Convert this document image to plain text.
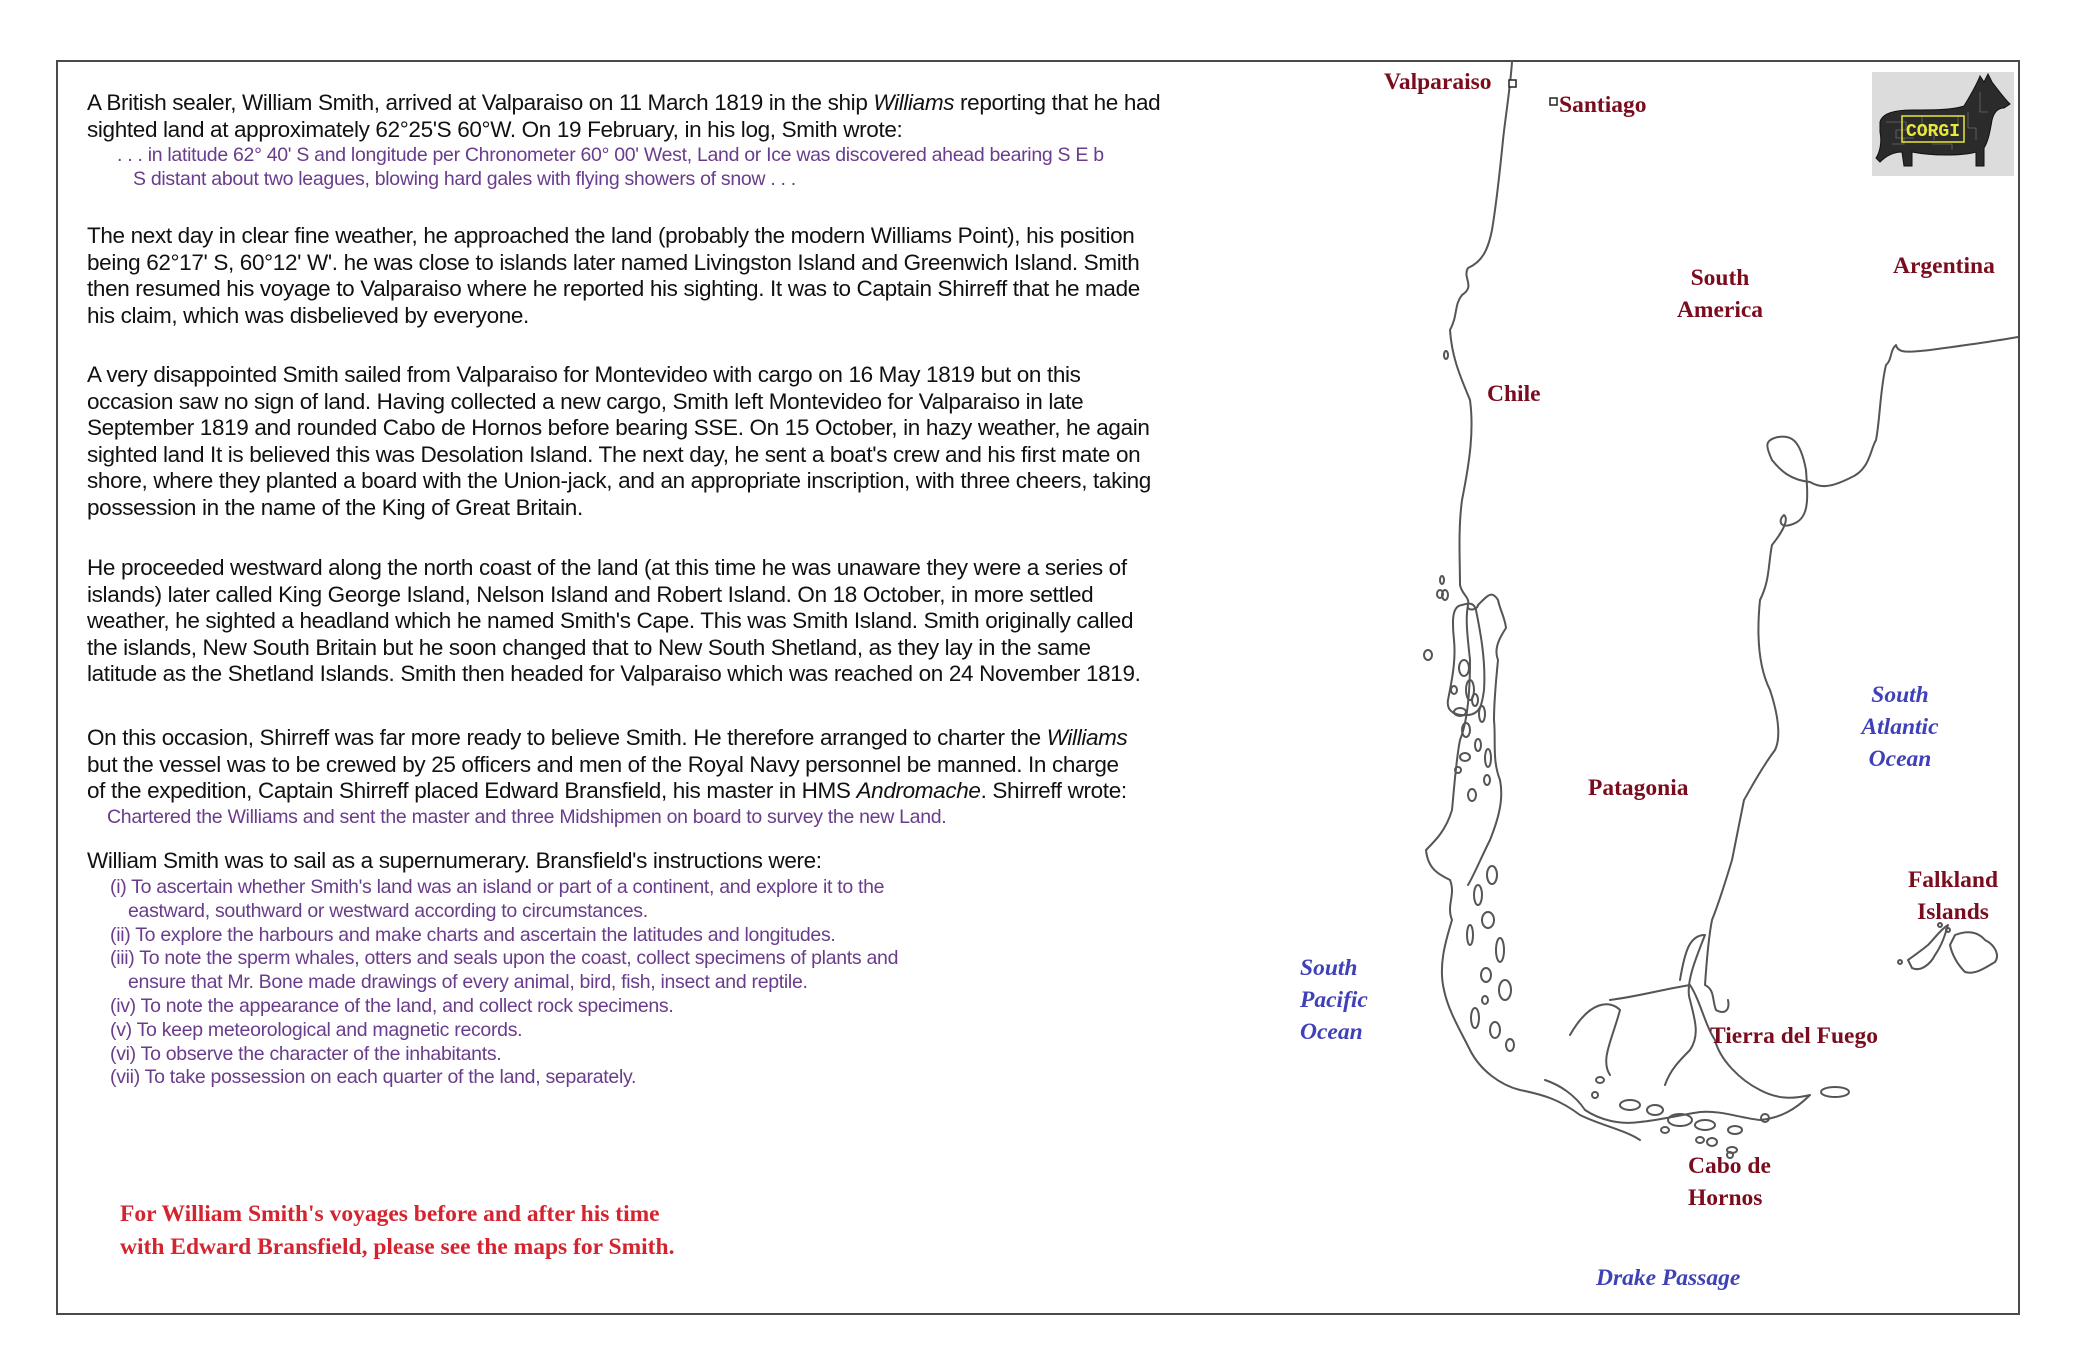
A British sealer, William Smith, arrived at Valparaiso on 11 March 1819 in the ship Williams reporting that he had
sighted land at approximately 62°25'S 60°W. On 19 February, in his log, Smith wrote:
. . . in latitude 62° 40' S and longitude per Chronometer 60° 00' West, Land or Ice was discovered ahead bearing S E b
S distant about two leagues, blowing hard gales with flying showers of snow . . .
The next day in clear fine weather, he approached the land (probably the modern Williams Point), his position
being 62°17' S, 60°12' W'. he was close to islands later named Livingston Island and Greenwich Island. Smith
then resumed his voyage to Valparaiso where he reported his sighting. It was to Captain Shirreff that he made
his claim, which was disbelieved by everyone.
A very disappointed Smith sailed from Valparaiso for Montevideo with cargo on 16 May 1819 but on this
occasion saw no sign of land. Having collected a new cargo, Smith left Montevideo for Valparaiso in late
September 1819 and rounded Cabo de Hornos before bearing SSE. On 15 October, in hazy weather, he again
sighted land It is believed this was Desolation Island. The next day, he sent a boat's crew and his first mate on
shore, where they planted a board with the Union-jack, and an appropriate inscription, with three cheers, taking
possession in the name of the King of Great Britain.
He proceeded westward along the north coast of the land (at this time he was unaware they were a series of
islands) later called King George Island, Nelson Island and Robert Island. On 18 October, in more settled
weather, he sighted a headland which he named Smith's Cape. This was Smith Island. Smith originally called
the islands, New South Britain but he soon changed that to New South Shetland, as they lay in the same
latitude as the Shetland Islands. Smith then headed for Valparaiso which was reached on 24 November 1819.
On this occasion, Shirreff was far more ready to believe Smith. He therefore arranged to charter the Williams
but the vessel was to be crewed by 25 officers and men of the Royal Navy personnel be manned. In charge
of the expedition, Captain Shirreff placed Edward Bransfield, his master in HMS Andromache. Shirreff wrote:
Chartered the Williams and sent the master and three Midshipmen on board to survey the new Land.
William Smith was to sail as a supernumerary. Bransfield's instructions were:
(i) To ascertain whether Smith's land was an island or part of a continent, and explore it to the
eastward, southward or westward according to circumstances.
(ii) To explore the harbours and make charts and ascertain the latitudes and longitudes.
(iii) To note the sperm whales, otters and seals upon the coast, collect specimens of plants and
ensure that Mr. Bone made drawings of every animal, bird, fish, insect and reptile.
(iv) To note the appearance of the land, and collect rock specimens.
(v) To keep meteorological and magnetic records.
(vi) To observe the character of the inhabitants.
(vii) To take possession on each quarter of the land, separately.
For William Smith's voyages before and after his time
with Edward Bransfield, please see the maps for Smith.
Valparaiso
Santiago
South
America
Argentina
Chile
Patagonia
South
Atlantic
Ocean
Falkland
Islands
South
Pacific
Ocean	Tierra del Fuego
Cabo de
Hornos
Drake Passage
CORGI
